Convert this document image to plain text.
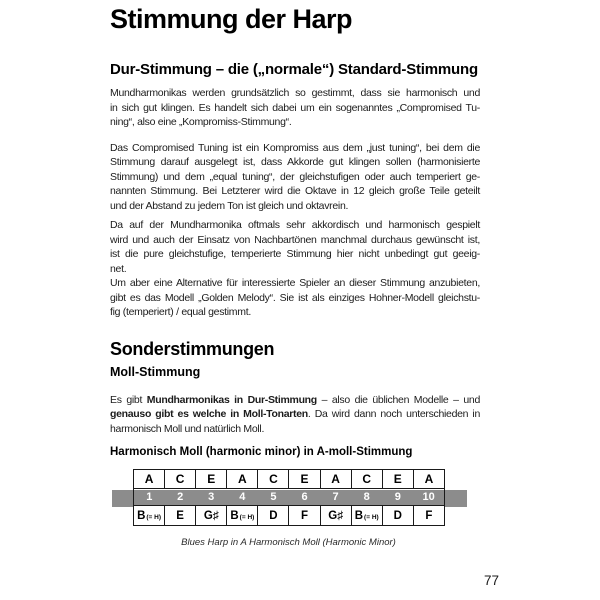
Stimmung der Harp
Dur-Stimmung – die („normale“) Standard-Stimmung
Mundharmonikas werden grundsätzlich so gestimmt, dass sie harmonisch und
in sich gut klingen. Es handelt sich dabei um ein sogenanntes „Compromised Tu-
ning“, also eine „Kompromiss-Stimmung“.
Das Compromised Tuning ist ein Kompromiss aus dem „just tuning“, bei dem die
Stimmung darauf ausgelegt ist, dass Akkorde gut klingen sollen (harmonisierte
Stimmung) und dem „equal tuning“, der gleichstufigen oder auch temperiert ge-
nannten Stimmung. Bei Letzterer wird die Oktave in 12 gleich große Teile geteilt
und der Abstand zu jedem Ton ist gleich und oktavrein.
Da auf der Mundharmonika oftmals sehr akkordisch und harmonisch gespielt
wird und auch der Einsatz von Nachbartönen manchmal durchaus gewünscht ist,
ist die pure gleichstufige, temperierte Stimmung hier nicht unbedingt gut geeig-
net.
Um aber eine Alternative für interessierte Spieler an dieser Stimmung anzubieten,
gibt es das Modell „Golden Melody“. Sie ist als einziges Hohner-Modell gleichstu-
fig (temperiert) / equal gestimmt.
Sonderstimmungen
Moll-Stimmung
Es gibt Mundharmonikas in Dur-Stimmung – also die üblichen Modelle – und
genauso gibt es welche in Moll-Tonarten. Da wird dann noch unterschieden in
harmonisch Moll und natürlich Moll.
Harmonisch Moll (harmonic minor) in A-moll-Stimmung
A	C	E	A	C	E	A	C	E	A
1	2	3	4	5	6	7	8	9	10
B(= H)	E	G♯	B(= H)	D	F	G♯	B(= H)	D	F
Blues Harp in A Harmonisch Moll (Harmonic Minor)
77
